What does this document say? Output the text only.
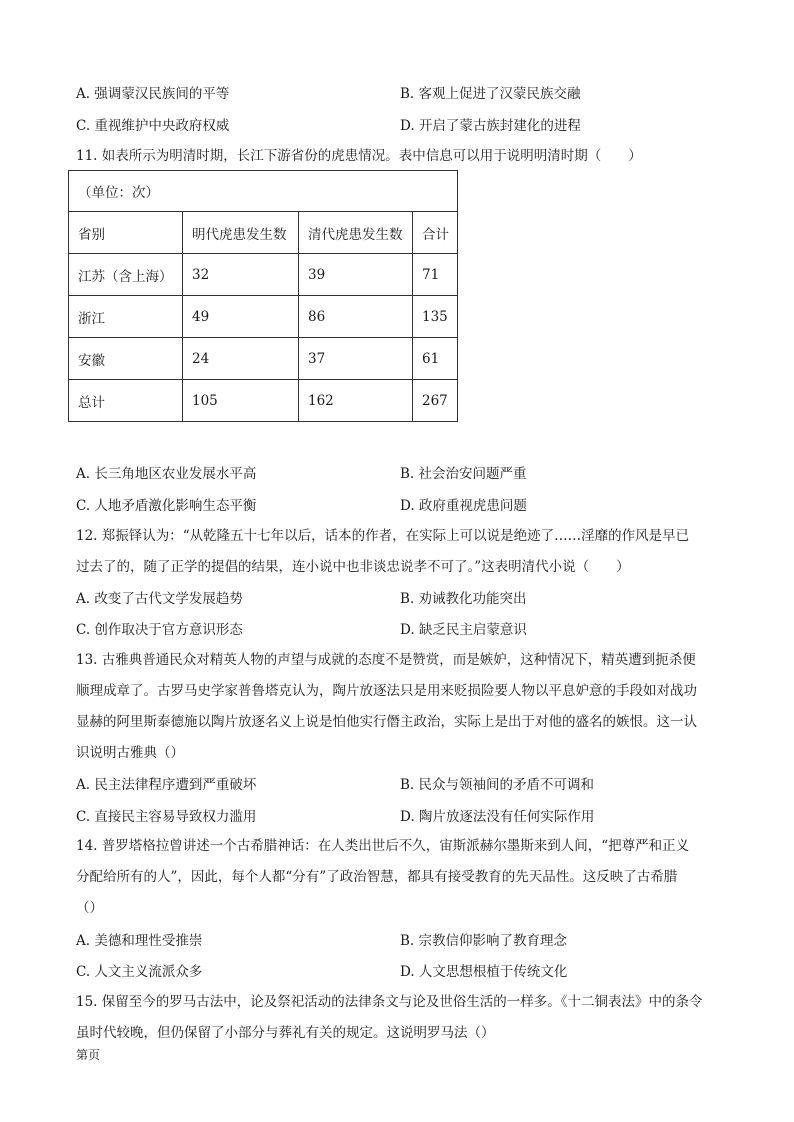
A. 强调蒙汉民族间的平等	B. 客观上促进了汉蒙民族交融
C. 重视维护中央政府权威	D. 开启了蒙古族封建化的进程
11. 如表所示为明清时期，长江下游省份的虎患情况。表中信息可以用于说明明清时期（　　）
（单位：次）			
省别	明代虎患发生数	清代虎患发生数	合计
江苏（含上海）	32	39	71
浙江	49	86	135
安徽	24	37	61
总计	105	162	267
A. 长三角地区农业发展水平高	B. 社会治安问题严重
C. 人地矛盾激化影响生态平衡	D. 政府重视虎患问题
12. 郑振铎认为：“从乾隆五十七年以后，话本的作者，在实际上可以说是绝迹了……淫靡的作风是早已
过去了的，随了正学的提倡的结果，连小说中也非谈忠说孝不可了。”这表明清代小说（　　）
A. 改变了古代文学发展趋势	B. 劝诫教化功能突出
C. 创作取决于官方意识形态	D. 缺乏民主启蒙意识
13. 古雅典普通民众对精英人物的声望与成就的态度不是赞赏，而是嫉妒，这种情况下，精英遭到扼杀便
顺理成章了。古罗马史学家普鲁塔克认为，陶片放逐法只是用来贬损险要人物以平息妒意的手段如对战功
显赫的阿里斯泰德施以陶片放逐名义上说是怕他实行僭主政治，实际上是出于对他的盛名的嫉恨。这一认
识说明古雅典（）
A. 民主法律程序遭到严重破坏	B. 民众与领袖间的矛盾不可调和
C. 直接民主容易导致权力滥用	D. 陶片放逐法没有任何实际作用
14. 普罗塔格拉曾讲述一个古希腊神话：在人类出世后不久，宙斯派赫尔墨斯来到人间，“把尊严和正义
分配给所有的人”，因此，每个人都“分有”了政治智慧，都具有接受教育的先天品性。这反映了古希腊
（）
A. 美德和理性受推崇	B. 宗教信仰影响了教育理念
C. 人文主义流派众多	D. 人文思想根植于传统文化
15. 保留至今的罗马古法中，论及祭祀活动的法律条文与论及世俗生活的一样多。《十二铜表法》中的条令
虽时代较晚，但仍保留了小部分与葬礼有关的规定。这说明罗马法（）
第页
